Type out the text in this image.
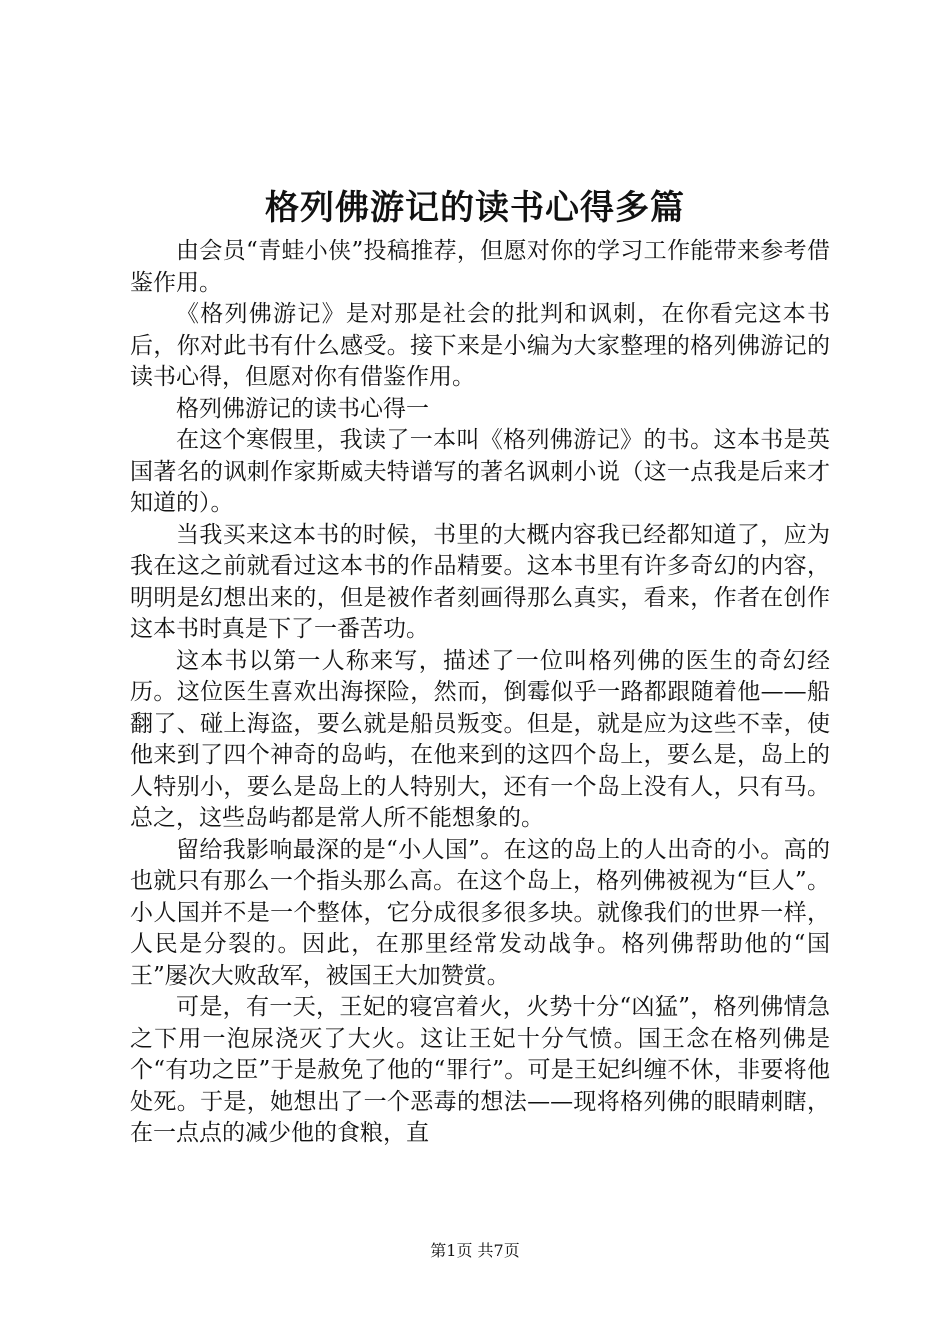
格列佛游记的读书心得多篇

由会员“青蛙小侠”投稿推荐，但愿对你的学习工作能带来参考借鉴作用。

《格列佛游记》是对那是社会的批判和讽刺，在你看完这本书后，你对此书有什么感受。接下来是小编为大家整理的格列佛游记的读书心得，但愿对你有借鉴作用。

格列佛游记的读书心得一

在这个寒假里，我读了一本叫《格列佛游记》的书。这本书是英国著名的讽刺作家斯威夫特谱写的著名讽刺小说（这一点我是后来才知道的）。

当我买来这本书的时候，书里的大概内容我已经都知道了，应为我在这之前就看过这本书的作品精要。这本书里有许多奇幻的内容，明明是幻想出来的，但是被作者刻画得那么真实，看来，作者在创作这本书时真是下了一番苦功。

这本书以第一人称来写，描述了一位叫格列佛的医生的奇幻经历。这位医生喜欢出海探险，然而，倒霉似乎一路都跟随着他——船翻了、碰上海盗，要么就是船员叛变。但是，就是应为这些不幸，使他来到了四个神奇的岛屿，在他来到的这四个岛上，要么是，岛上的人特别小，要么是岛上的人特别大，还有一个岛上没有人，只有马。总之，这些岛屿都是常人所不能想象的。

留给我影响最深的是“小人国”。在这的岛上的人出奇的小。高的也就只有那么一个指头那么高。在这个岛上，格列佛被视为“巨人”。小人国并不是一个整体，它分成很多很多块。就像我们的世界一样，人民是分裂的。因此，在那里经常发动战争。格列佛帮助他的“国王”屡次大败敌军，被国王大加赞赏。

可是，有一天，王妃的寝宫着火，火势十分“凶猛”，格列佛情急之下用一泡尿浇灭了大火。这让王妃十分气愤。国王念在格列佛是个“有功之臣”于是赦免了他的“罪行”。可是王妃纠缠不休，非要将他处死。于是，她想出了一个恶毒的想法——现将格列佛的眼睛刺瞎，在一点点的减少他的食粮，直

第1页 共7页
